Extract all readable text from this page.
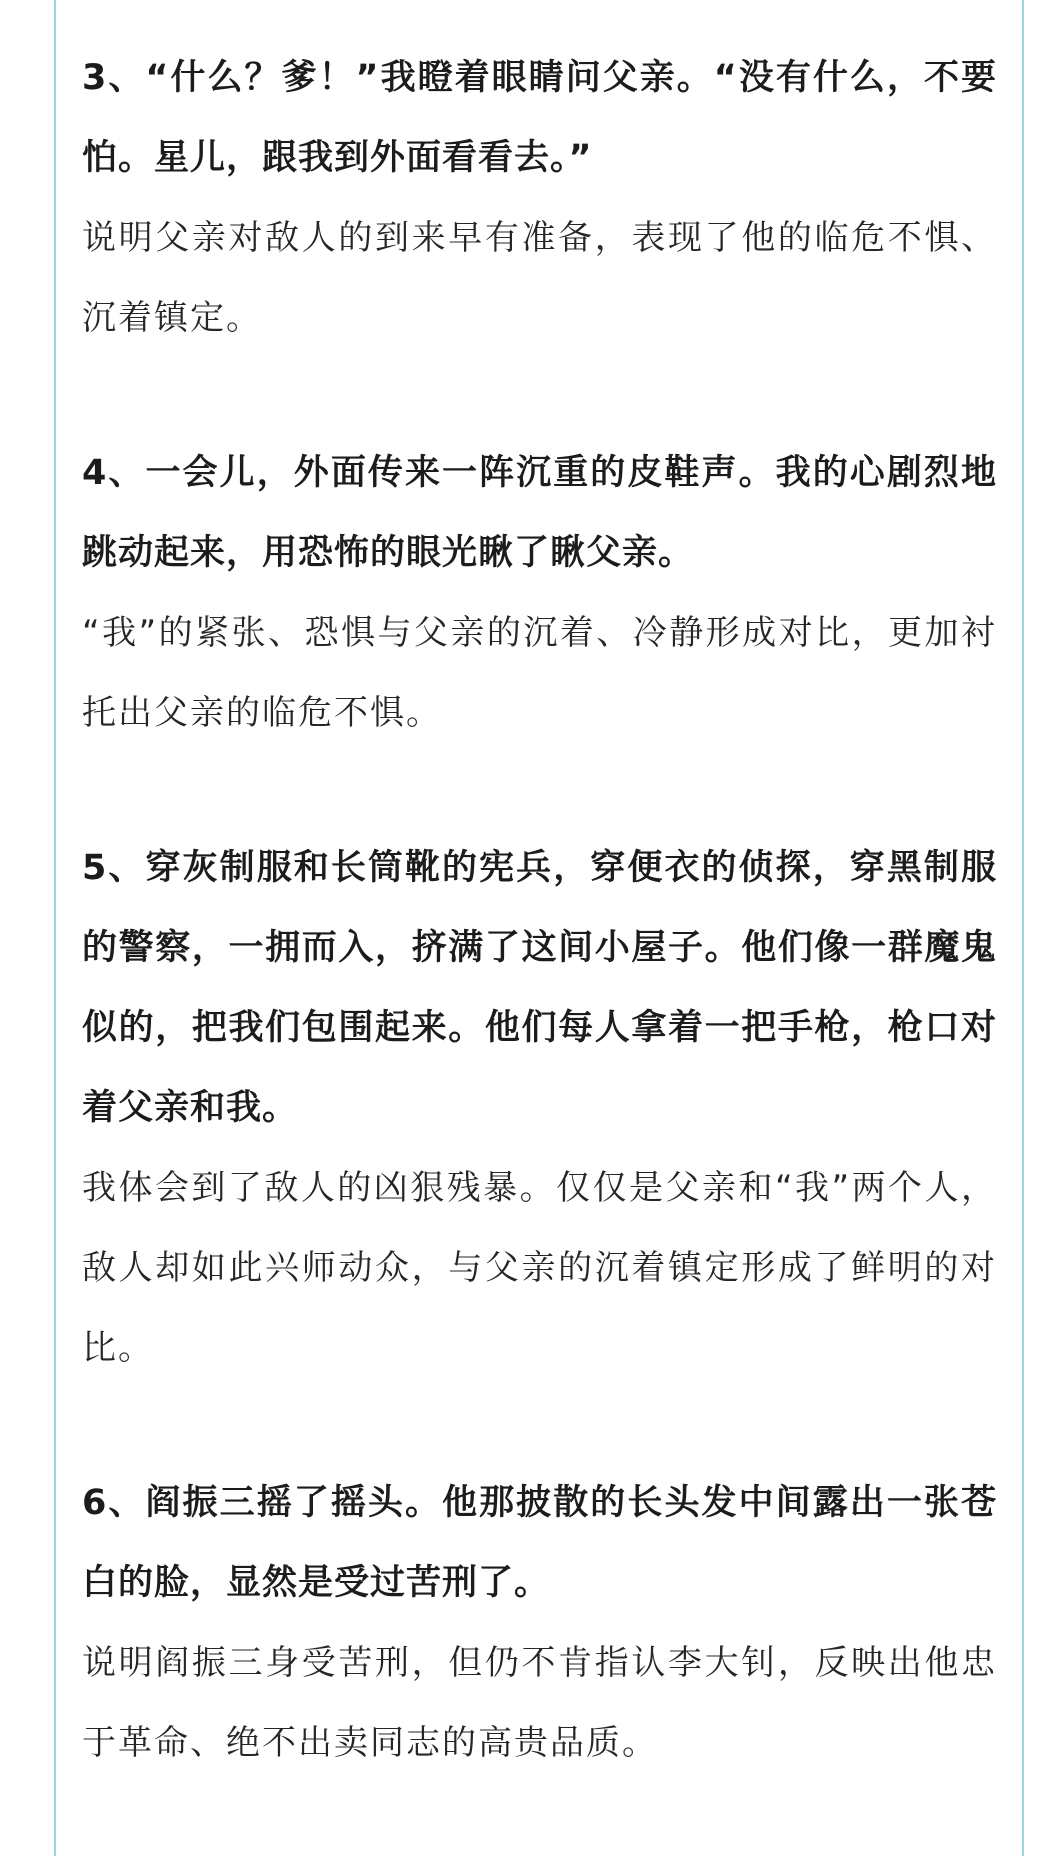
3、“什么？爹！”我瞪着眼睛问父亲。“没有什么，不要怕。星儿，跟我到外面看看去。”

说明父亲对敌人的到来早有准备，表现了他的临危不惧、沉着镇定。

4、一会儿，外面传来一阵沉重的皮鞋声。我的心剧烈地跳动起来，用恐怖的眼光瞅了瞅父亲。

“我”的紧张、恐惧与父亲的沉着、冷静形成对比，更加衬托出父亲的临危不惧。

5、穿灰制服和长筒靴的宪兵，穿便衣的侦探，穿黑制服的警察，一拥而入，挤满了这间小屋子。他们像一群魔鬼似的，把我们包围起来。他们每人拿着一把手枪，枪口对着父亲和我。

我体会到了敌人的凶狠残暴。仅仅是父亲和“我”两个人，敌人却如此兴师动众，与父亲的沉着镇定形成了鲜明的对比。

6、阎振三摇了摇头。他那披散的长头发中间露出一张苍白的脸，显然是受过苦刑了。

说明阎振三身受苦刑，但仍不肯指认李大钊，反映出他忠于革命、绝不出卖同志的高贵品质。
